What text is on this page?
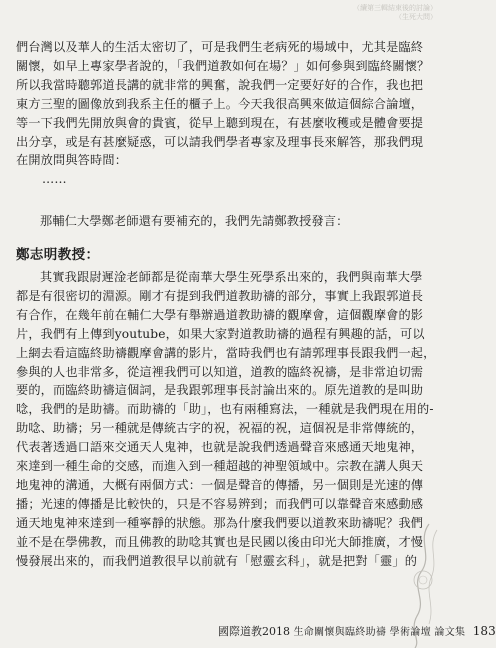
（續第三輯結束後的討論）
（生死大問）
們台灣以及華人的生活太密切了，可是我們生老病死的場域中，尤其是臨終
關懷，如早上專家學者說的，「我們道教如何在場？」如何參與到臨終關懷？
所以我當時聽郭道長講的就非常的興奮，說我們一定要好好的合作，我也把
東方三聖的圖像放到我系主任的櫃子上。今天我很高興來做這個綜合論壇，
等一下我們先開放與會的貴賓，從早上聽到現在，有甚麼收穫或是體會要提
出分享，或是有甚麼疑惑，可以請我們學者專家及理事長來解答，那我們現
在開放問與答時間：
……
那輔仁大學鄭老師還有要補充的，我們先請鄭教授發言：
鄭志明教授：
其實我跟尉遲淦老師都是從南華大學生死學系出來的，我們與南華大學
都是有很密切的淵源。剛才有提到我們道教助禱的部分，事實上我跟郭道長
有合作，在幾年前在輔仁大學有舉辦過道教助禱的觀摩會，這個觀摩會的影
片，我們有上傳到youtube，如果大家對道教助禱的過程有興趣的話，可以
上網去看這臨終助禱觀摩會講的影片，當時我們也有請郭理事長跟我們一起，
參與的人也非常多，從這裡我們可以知道，道教的臨終祝禱，是非常迫切需
要的，而臨終助禱這個詞，是我跟郭理事長討論出來的。原先道教的是叫助
唸，我們的是助禱。而助禱的「助」，也有兩種寫法，一種就是我們現在用的-
助唸、助禱；另一種就是傳統古字的祝，祝福的祝，這個祝是非常傳統的，
代表著透過口語來交通天人鬼神，也就是說我們透過聲音來感通天地鬼神，
來達到一種生命的交感，而進入到一種超越的神聖領域中。宗教在講人與天
地鬼神的溝通，大概有兩個方式：一個是聲音的傳播，另一個則是光速的傳
播；光速的傳播是比較快的，只是不容易辨到；而我們可以靠聲音來感動感
通天地鬼神來達到一種寧靜的狀態。那為什麼我們要以道教來助禱呢？我們
並不是在學佛教，而且佛教的助唸其實也是民國以後由印光大師推廣，才慢
慢發展出來的，而我們道教很早以前就有「慰靈玄科」，就是把對「靈」的
國際道教2018 生命關懷與臨終助禱 學術論壇 論文集 183
